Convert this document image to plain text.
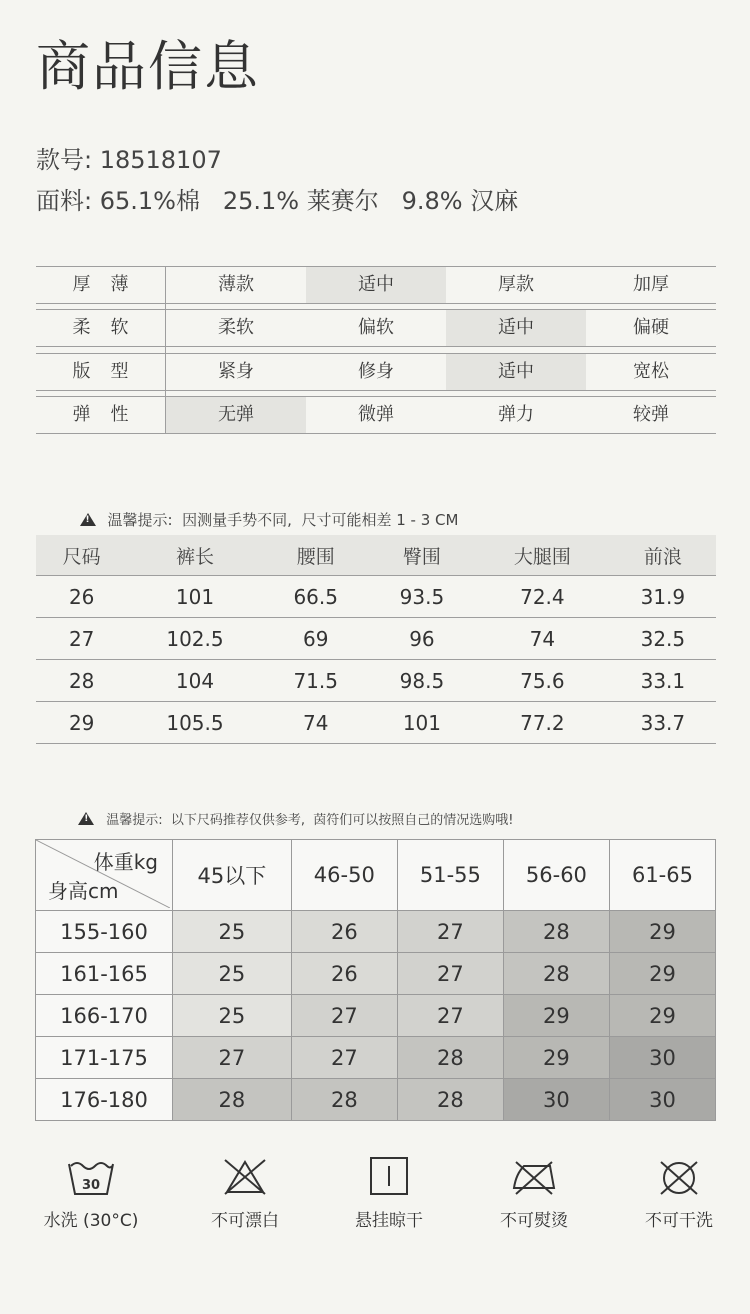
商品信息
款号: 18518107
面料: 65.1%棉   25.1% 莱赛尔   9.8% 汉麻
厚薄	薄款	适中	厚款	加厚
柔软	柔软	偏软	适中	偏硬
版型	紧身	修身	适中	宽松
弹性	无弹	微弹	弹力	较弹

!温馨提示:  因测量手势不同,  尺寸可能相差 1 - 3 CM

尺码	裤长	腰围	臀围	大腿围	前浪
26	101	66.5	93.5	72.4	31.9
27	102.5	69	96	74	32.5
28	104	71.5	98.5	75.6	33.1
29	105.5	74	101	77.2	33.7

!温馨提示:  以下尺码推荐仅供参考,  茵符们可以按照自己的情况选购哦!

体重kg
身高cm	45以下	46-50	51-55	56-60	61-65
155-160	25	26	27	28	29
161-165	25	26	27	28	29
166-170	25	27	27	29	29
171-175	27	27	28	29	30
176-180	28	28	28	30	30
30
水洗 (30°C)	不可漂白	悬挂晾干	不可熨烫	不可干洗
